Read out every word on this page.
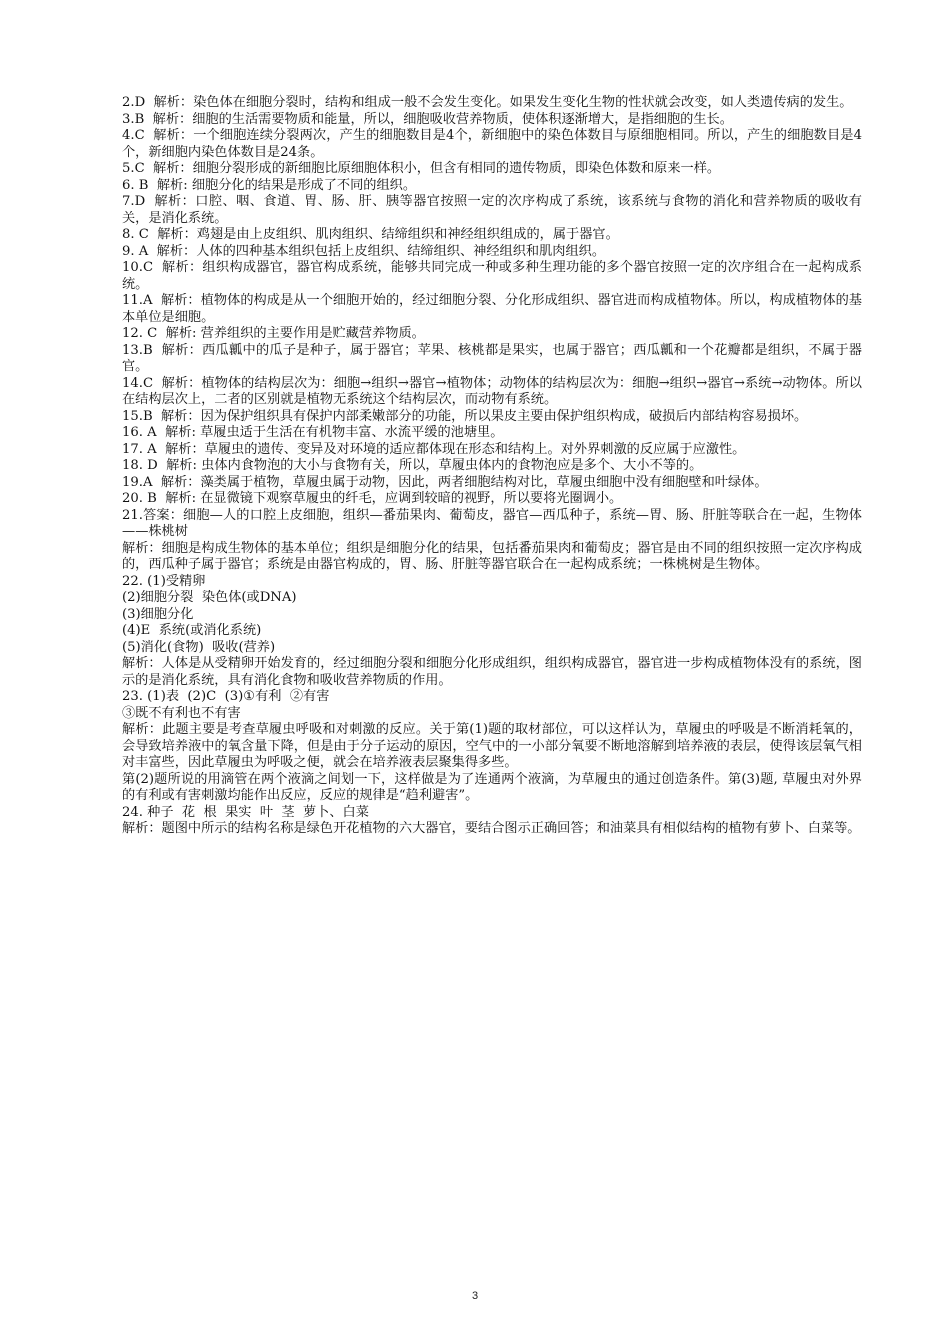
2.D  解析：染色体在细胞分裂时，结构和组成一般不会发生变化。如果发生变化生物的性状就会改变，如人类遗传病的发生。

3.B  解析：细胞的生活需要物质和能量，所以，细胞吸收营养物质，使体积逐渐增大，是指细胞的生长。

4.C  解析：一个细胞连续分裂两次，产生的细胞数目是4个，新细胞中的染色体数目与原细胞相同。所以，产生的细胞数目是4个，新细胞内染色体数目是24条。

5.C  解析：细胞分裂形成的新细胞比原细胞体积小，但含有相同的遗传物质，即染色体数和原来一样。

6. B  解析: 细胞分化的结果是形成了不同的组织。

7.D  解析：口腔、咽、食道、胃、肠、肝、胰等器官按照一定的次序构成了系统，该系统与食物的消化和营养物质的吸收有关，是消化系统。

8. C  解析：鸡翅是由上皮组织、肌肉组织、结缔组织和神经组织组成的，属于器官。

9. A  解析：人体的四种基本组织包括上皮组织、结缔组织、神经组织和肌肉组织。

10.C  解析：组织构成器官，器官构成系统，能够共同完成一种或多种生理功能的多个器官按照一定的次序组合在一起构成系统。

11.A  解析：植物体的构成是从一个细胞开始的，经过细胞分裂、分化形成组织、器官进而构成植物体。所以，构成植物体的基本单位是细胞。

12. C  解析: 营养组织的主要作用是贮藏营养物质。

13.B  解析：西瓜瓤中的瓜子是种子，属于器官；苹果、核桃都是果实，也属于器官；西瓜瓤和一个花瓣都是组织，不属于器官。

14.C  解析：植物体的结构层次为：细胞→组织→器官→植物体；动物体的结构层次为：细胞→组织→器官→系统→动物体。所以在结构层次上，二者的区别就是植物无系统这个结构层次，而动物有系统。

15.B  解析：因为保护组织具有保护内部柔嫩部分的功能，所以果皮主要由保护组织构成，破损后内部结构容易损坏。

16. A  解析: 草履虫适于生活在有机物丰富、水流平缓的池塘里。

17. A  解析：草履虫的遗传、变异及对环境的适应都体现在形态和结构上。对外界刺激的反应属于应激性。

18. D  解析: 虫体内食物泡的大小与食物有关，所以，草履虫体内的食物泡应是多个、大小不等的。

19.A  解析：藻类属于植物，草履虫属于动物，因此，两者细胞结构对比，草履虫细胞中没有细胞壁和叶绿体。

20. B  解析: 在显微镜下观察草履虫的纤毛，应调到较暗的视野，所以要将光圈调小。

21.答案：细胞—人的口腔上皮细胞，组织—番茄果肉、葡萄皮，器官—西瓜种子，系统—胃、肠、肝脏等联合在一起，生物体——株桃树

解析：细胞是构成生物体的基本单位；组织是细胞分化的结果，包括番茄果肉和葡萄皮；器官是由不同的组织按照一定次序构成的，西瓜种子属于器官；系统是由器官构成的，胃、肠、肝脏等器官联合在一起构成系统；一株桃树是生物体。

22. (1)受精卵

(2)细胞分裂  染色体(或DNA)

(3)细胞分化

(4)E  系统(或消化系统)

(5)消化(食物)  吸收(营养)

解析：人体是从受精卵开始发育的，经过细胞分裂和细胞分化形成组织，组织构成器官，器官进一步构成植物体没有的系统，图示的是消化系统，具有消化食物和吸收营养物质的作用。

23. (1)表  (2)C  (3)①有利  ②有害

③既不有利也不有害

解析：此题主要是考查草履虫呼吸和对刺激的反应。关于第(1)题的取材部位，可以这样认为，草履虫的呼吸是不断消耗氧的，会导致培养液中的氧含量下降，但是由于分子运动的原因，空气中的一小部分氧要不断地溶解到培养液的表层，使得该层氧气相对丰富些，因此草履虫为呼吸之便，就会在培养液表层聚集得多些。

第(2)题所说的用滴管在两个液滴之间划一下，这样做是为了连通两个液滴，为草履虫的通过创造条件。第(3)题, 草履虫对外界的有利或有害刺激均能作出反应，反应的规律是“趋利避害”。

24. 种子  花  根  果实  叶  茎  萝卜、白菜

解析：题图中所示的结构名称是绿色开花植物的六大器官，要结合图示正确回答；和油菜具有相似结构的植物有萝卜、白菜等。

3
